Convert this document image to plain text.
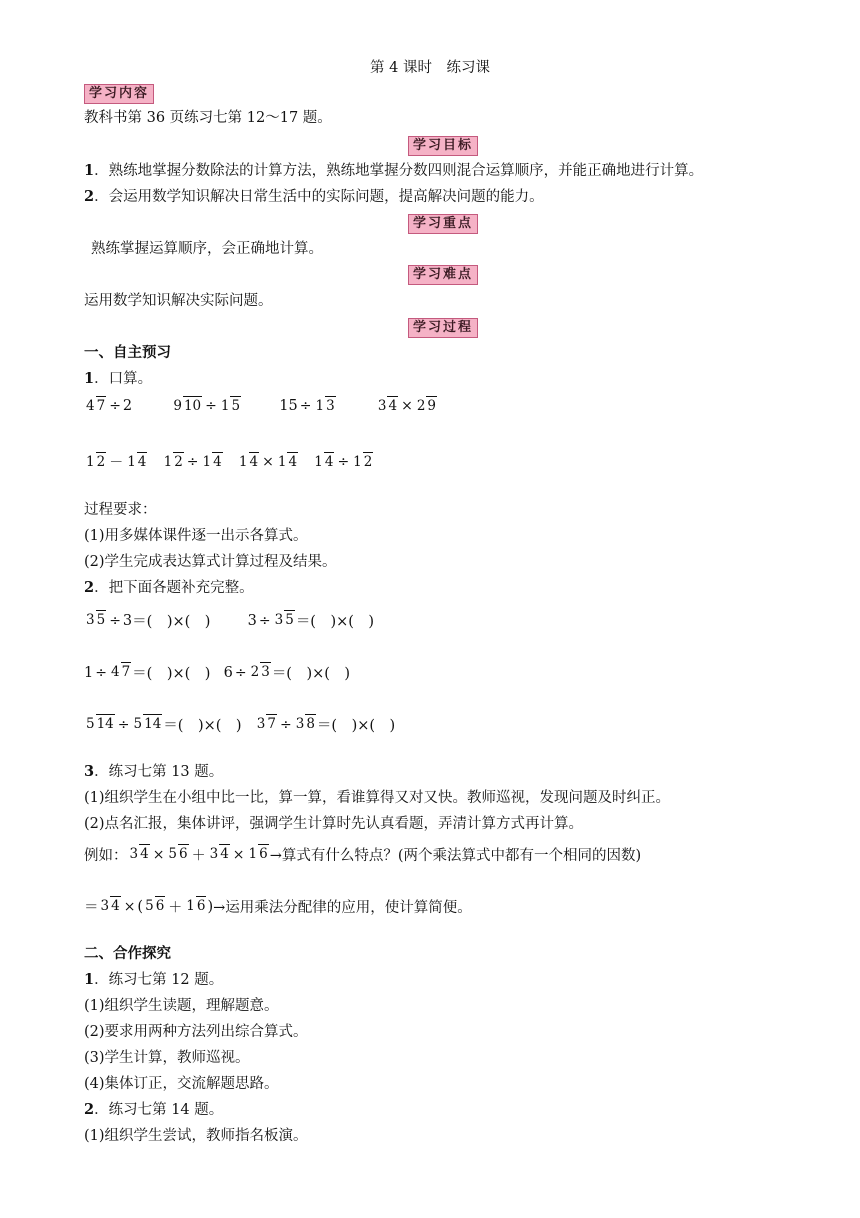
第 4 课时　练习课
学习内容
教科书第 36 页练习七第 12～17 题。
学习目标
1．熟练地掌握分数除法的计算方法，熟练地掌握分数四则混合运算顺序，并能正确地进行计算。
2．会运用数学知识解决日常生活中的实际问题，提高解决问题的能力。
学习重点
熟练掌握运算顺序，会正确地计算。
学习难点
运用数学知识解决实际问题。
学习过程
一、自主预习
1．口算。
4 7 ÷ 2	9 10 ÷ 1 5	15 ÷ 1 3	3 4 × 2 9
1 2 － 1 4 1 2 ÷ 1 4 1 4 × 1 4 1 4 ÷ 1 2
过程要求：
(1)用多媒体课件逐一出示各算式。
(2)学生完成表达算式计算过程及结果。
2．把下面各题补充完整。
3 5 ÷ 3＝(　)×(　)	3 ÷ 3 5 ＝(　)×(　)
1 ÷ 4 7 ＝(　)×(　) 6 ÷ 2 3 ＝(　)×(　)
5 14 ÷ 5 14 ＝(　)×(　) 3 7 ÷ 3 8 ＝(　)×(　)
3．练习七第 13 题。
(1)组织学生在小组中比一比，算一算，看谁算得又对又快。教师巡视，发现问题及时纠正。
(2)点名汇报，集体讲评，强调学生计算时先认真看题，弄清计算方式再计算。
例如： 3 4 × 5 6 ＋ 3 4 × 1 6 →算式有什么特点？(两个乘法算式中都有一个相同的因数)
＝ 3 4 × ( 5 6 ＋ 1 6 )→运用乘法分配律的应用，使计算简便。
二、合作探究
1．练习七第 12 题。
(1)组织学生读题，理解题意。
(2)要求用两种方法列出综合算式。
(3)学生计算，教师巡视。
(4)集体订正，交流解题思路。
2．练习七第 14 题。
(1)组织学生尝试，教师指名板演。
